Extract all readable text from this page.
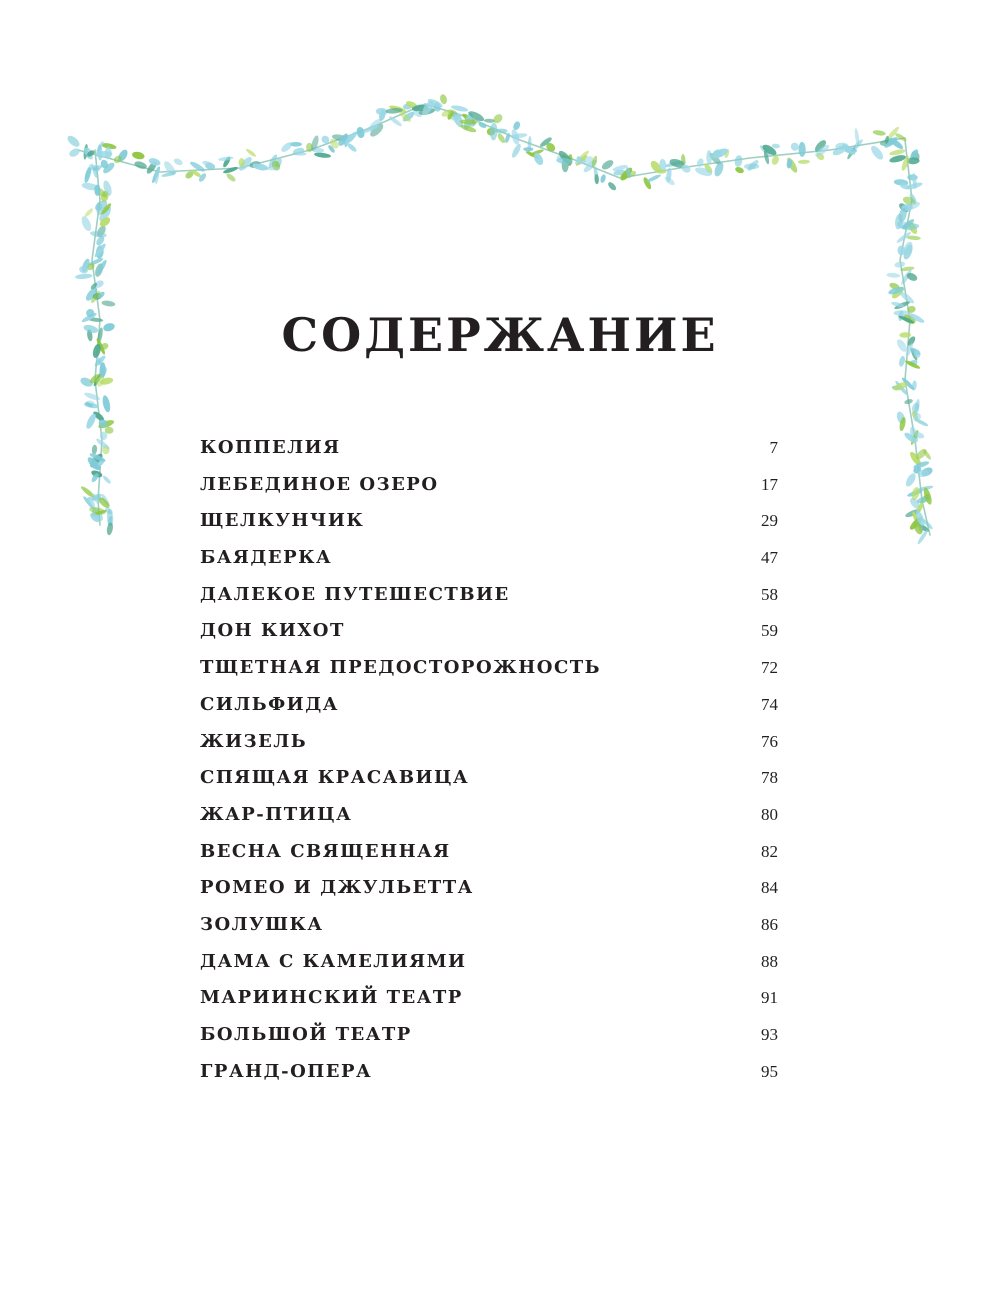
СОДЕРЖАНИЕ
КОППЕЛИЯ	7
ЛЕБЕДИНОЕ ОЗЕРО	17
ЩЕЛКУНЧИК	29
БАЯДЕРКА	47
ДАЛЕКОЕ ПУТЕШЕСТВИЕ	58
ДОН КИХОТ	59
ТЩЕТНАЯ ПРЕДОСТОРОЖНОСТЬ	72
СИЛЬФИДА	74
ЖИЗЕЛЬ	76
СПЯЩАЯ КРАСАВИЦА	78
ЖАР-ПТИЦА	80
ВЕСНА СВЯЩЕННАЯ	82
РОМЕО И ДЖУЛЬЕТТА	84
ЗОЛУШКА	86
ДАМА С КАМЕЛИЯМИ	88
МАРИИНСКИЙ ТЕАТР	91
БОЛЬШОЙ ТЕАТР	93
ГРАНД-ОПЕРА	95
